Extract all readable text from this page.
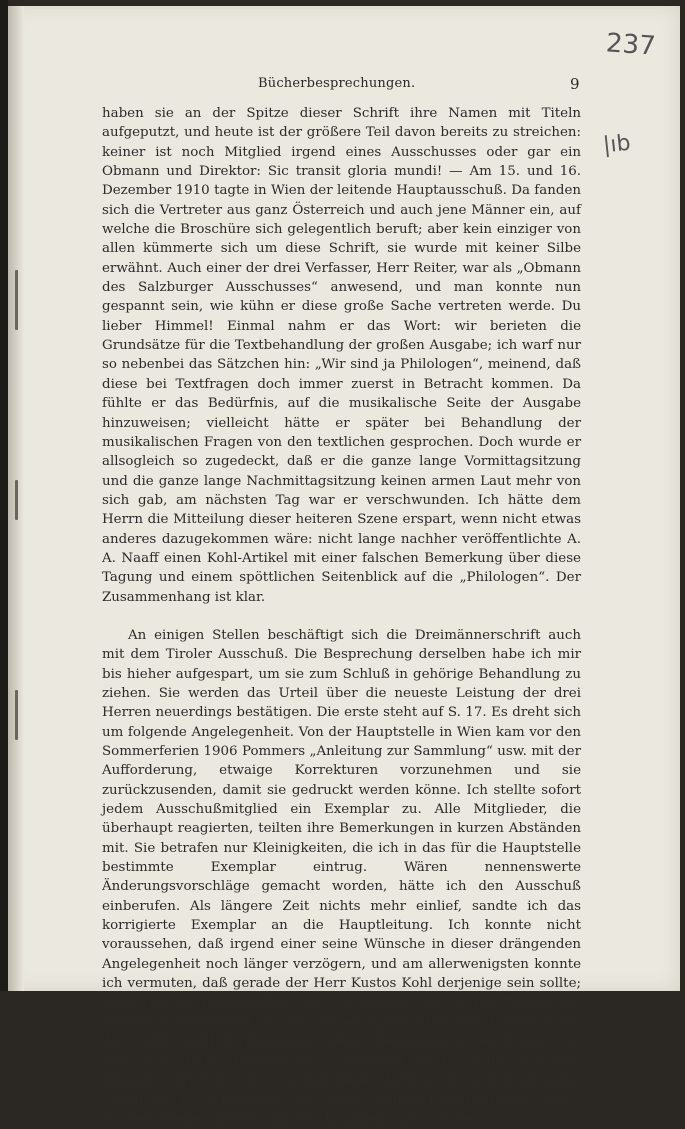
237
|ıb
Bücherbesprechungen.	9

haben sie an der Spitze dieser Schrift ihre Namen mit Titeln aufgeputzt, und heute ist der größere Teil davon bereits zu streichen: keiner ist noch Mitglied irgend eines Ausschusses oder gar ein Obmann und Direktor: Sic transit gloria mundi! — Am 15. und 16. Dezember 1910 tagte in Wien der leitende Hauptausschuß. Da fanden sich die Vertreter aus ganz Österreich und auch jene Männer ein, auf welche die Broschüre sich gelegentlich beruft; aber kein einziger von allen kümmerte sich um diese Schrift, sie wurde mit keiner Silbe erwähnt. Auch einer der drei Verfasser, Herr Reiter, war als „Obmann des Salzburger Ausschusses“ anwesend, und man konnte nun gespannt sein, wie kühn er diese große Sache vertreten werde. Du lieber Himmel! Einmal nahm er das Wort: wir berieten die Grundsätze für die Textbehandlung der großen Ausgabe; ich warf nur so nebenbei das Sätzchen hin: „Wir sind ja Philologen“, meinend, daß diese bei Textfragen doch immer zuerst in Betracht kommen. Da fühlte er das Bedürfnis, auf die musikalische Seite der Ausgabe hinzuweisen; vielleicht hätte er später bei Behandlung der musikalischen Fragen von den textlichen gesprochen. Doch wurde er allsogleich so zugedeckt, daß er die ganze lange Vormittagsitzung und die ganze lange Nachmittagsitzung keinen armen Laut mehr von sich gab, am nächsten Tag war er verschwunden. Ich hätte dem Herrn die Mitteilung dieser heiteren Szene erspart, wenn nicht etwas anderes dazugekommen wäre: nicht lange nachher veröffentlichte A. A. Naaff einen Kohl-Artikel mit einer falschen Bemerkung über diese Tagung und einem spöttlichen Seitenblick auf die „Philologen“. Der Zusammenhang ist klar.

An einigen Stellen beschäftigt sich die Dreimännerschrift auch mit dem Tiroler Ausschuß. Die Besprechung derselben habe ich mir bis hieher aufgespart, um sie zum Schluß in gehörige Behandlung zu ziehen. Sie werden das Urteil über die neueste Leistung der drei Herren neuerdings bestätigen. Die erste steht auf S. 17. Es dreht sich um folgende Angelegenheit. Von der Hauptstelle in Wien kam vor den Sommerferien 1906 Pommers „Anleitung zur Sammlung“ usw. mit der Aufforderung, etwaige Korrekturen vorzunehmen und sie zurückzusenden, damit sie gedruckt werden könne. Ich stellte sofort jedem Ausschußmitglied ein Exemplar zu. Alle Mitglieder, die überhaupt reagierten, teilten ihre Bemerkungen in kurzen Abständen mit. Sie betrafen nur Kleinigkeiten, die ich in das für die Hauptstelle bestimmte Exemplar eintrug. Wären nennenswerte Änderungsvorschläge gemacht worden, hätte ich den Ausschuß einberufen. Als längere Zeit nichts mehr einlief, sandte ich das korrigierte Exemplar an die Hauptleitung. Ich konnte nicht voraussehen, daß irgend einer seine Wünsche in dieser drängenden Angelegenheit noch länger verzögern, und am allerwenigsten konnte ich vermuten, daß gerade der Herr Kustos Kohl derjenige sein sollte; denn von der Fertigstellung der „Anleitung“ hing ja der Beginn der ganzen Sammelarbeit ab, und dieses kleine Heftchen konnte jeder, der wollte, bald durchgesehen haben, besonders in den Ferien, wo man nicht durch Amtsgeschäfte behindert ist. Hinterher erst kam folgender Brief des Ausschußmitgliedes Kohl an mich, den Obmann: „Wien, am 19. September 1906. Sehr geehrter Herr Professor! Seit 2 Wochen wieder in Wien, bin ich darangegangen, zu der
